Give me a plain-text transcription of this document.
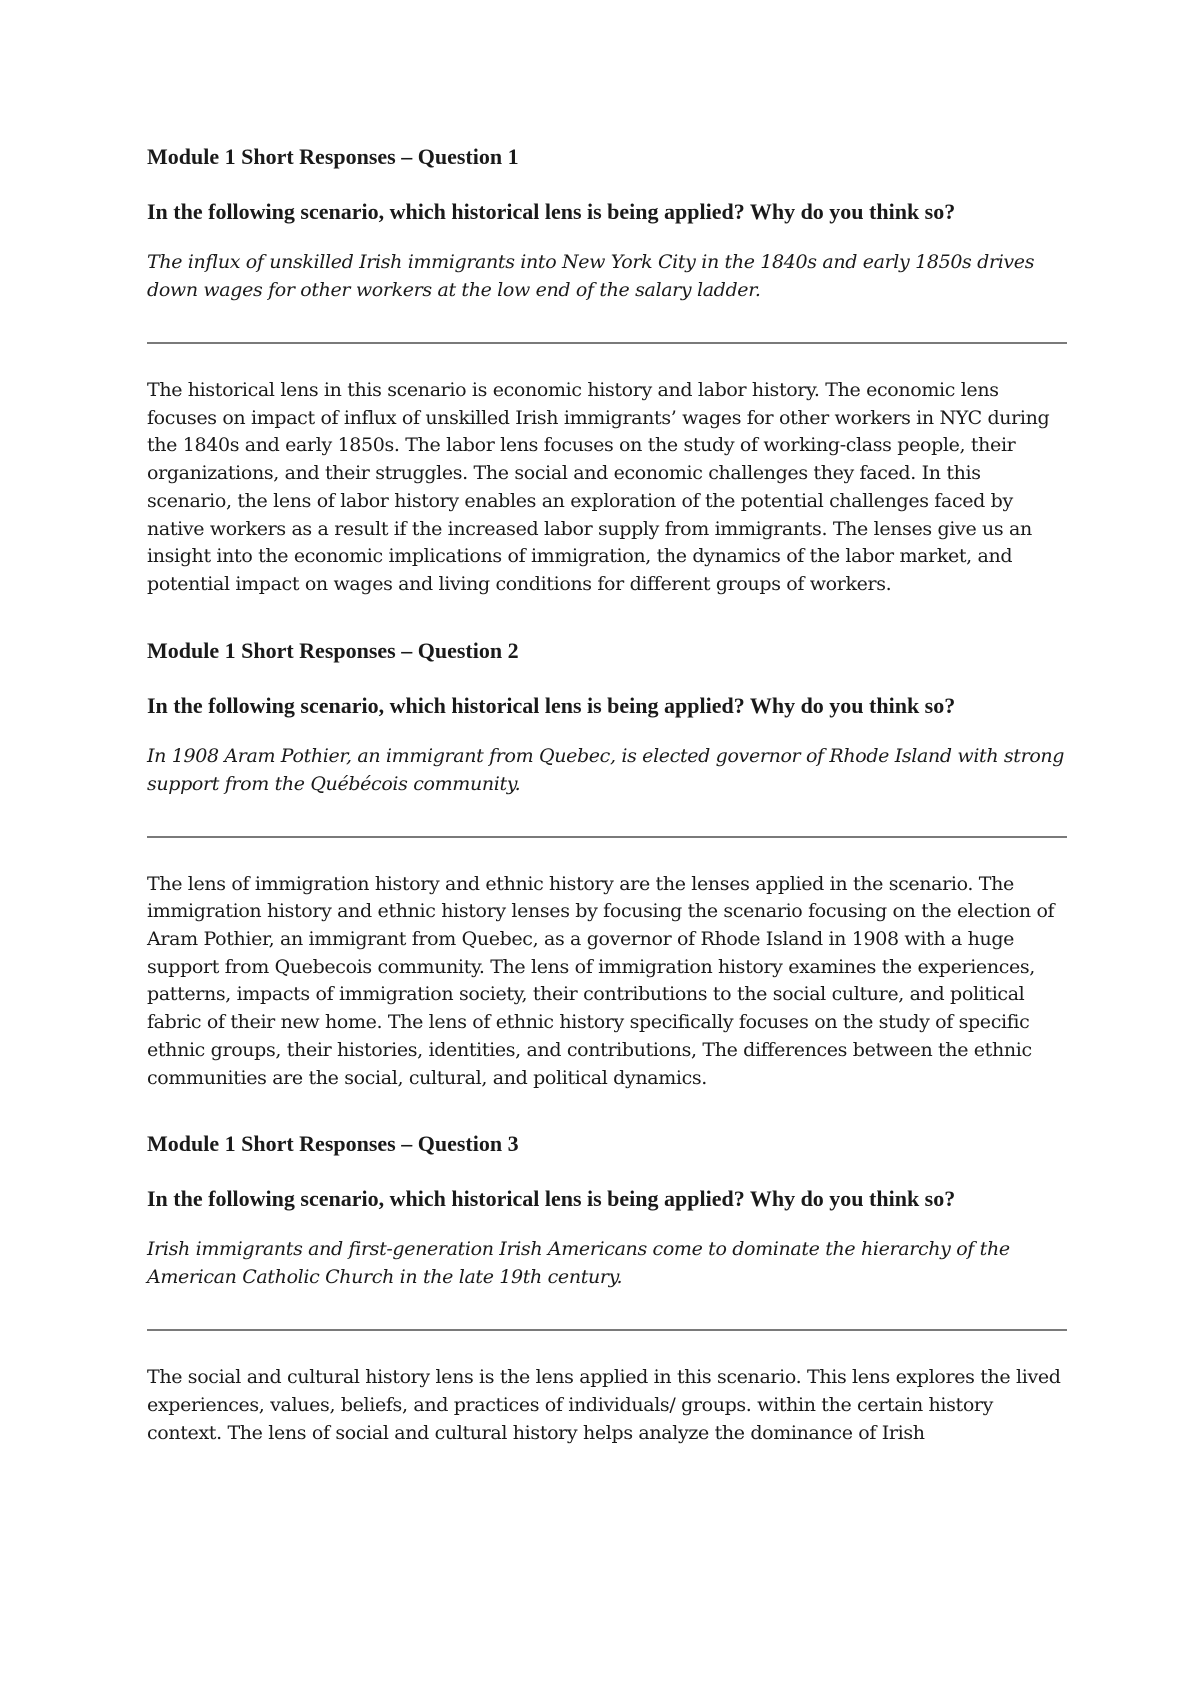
Module 1 Short Responses – Question 1

In the following scenario, which historical lens is being applied? Why do you think so?

The influx of unskilled Irish immigrants into New York City in the 1840s and early 1850s drives down wages for other workers at the low end of the salary ladder.

The historical lens in this scenario is economic history and labor history. The economic lens focuses on impact of influx of unskilled Irish immigrants’ wages for other workers in NYC during the 1840s and early 1850s. The labor lens focuses on the study of working-class people, their organizations, and their struggles. The social and economic challenges they faced. In this scenario, the lens of labor history enables an exploration of the potential challenges faced by native workers as a result if the increased labor supply from immigrants. The lenses give us an insight into the economic implications of immigration, the dynamics of the labor market, and potential impact on wages and living conditions for different groups of workers.

Module 1 Short Responses – Question 2

In the following scenario, which historical lens is being applied? Why do you think so?

In 1908 Aram Pothier, an immigrant from Quebec, is elected governor of Rhode Island with strong support from the Québécois community.

The lens of immigration history and ethnic history are the lenses applied in the scenario. The immigration history and ethnic history lenses by focusing the scenario focusing on the election of Aram Pothier, an immigrant from Quebec, as a governor of Rhode Island in 1908 with a huge support from Quebecois community. The lens of immigration history examines the experiences, patterns, impacts of immigration society, their contributions to the social culture, and political fabric of their new home. The lens of ethnic history specifically focuses on the study of specific ethnic groups, their histories, identities, and contributions, The differences between the ethnic communities are the social, cultural, and political dynamics.

Module 1 Short Responses – Question 3

In the following scenario, which historical lens is being applied? Why do you think so?

Irish immigrants and first-generation Irish Americans come to dominate the hierarchy of the American Catholic Church in the late 19th century.

The social and cultural history lens is the lens applied in this scenario. This lens explores the lived experiences, values, beliefs, and practices of individuals/ groups. within the certain history context. The lens of social and cultural history helps analyze the dominance of Irish
